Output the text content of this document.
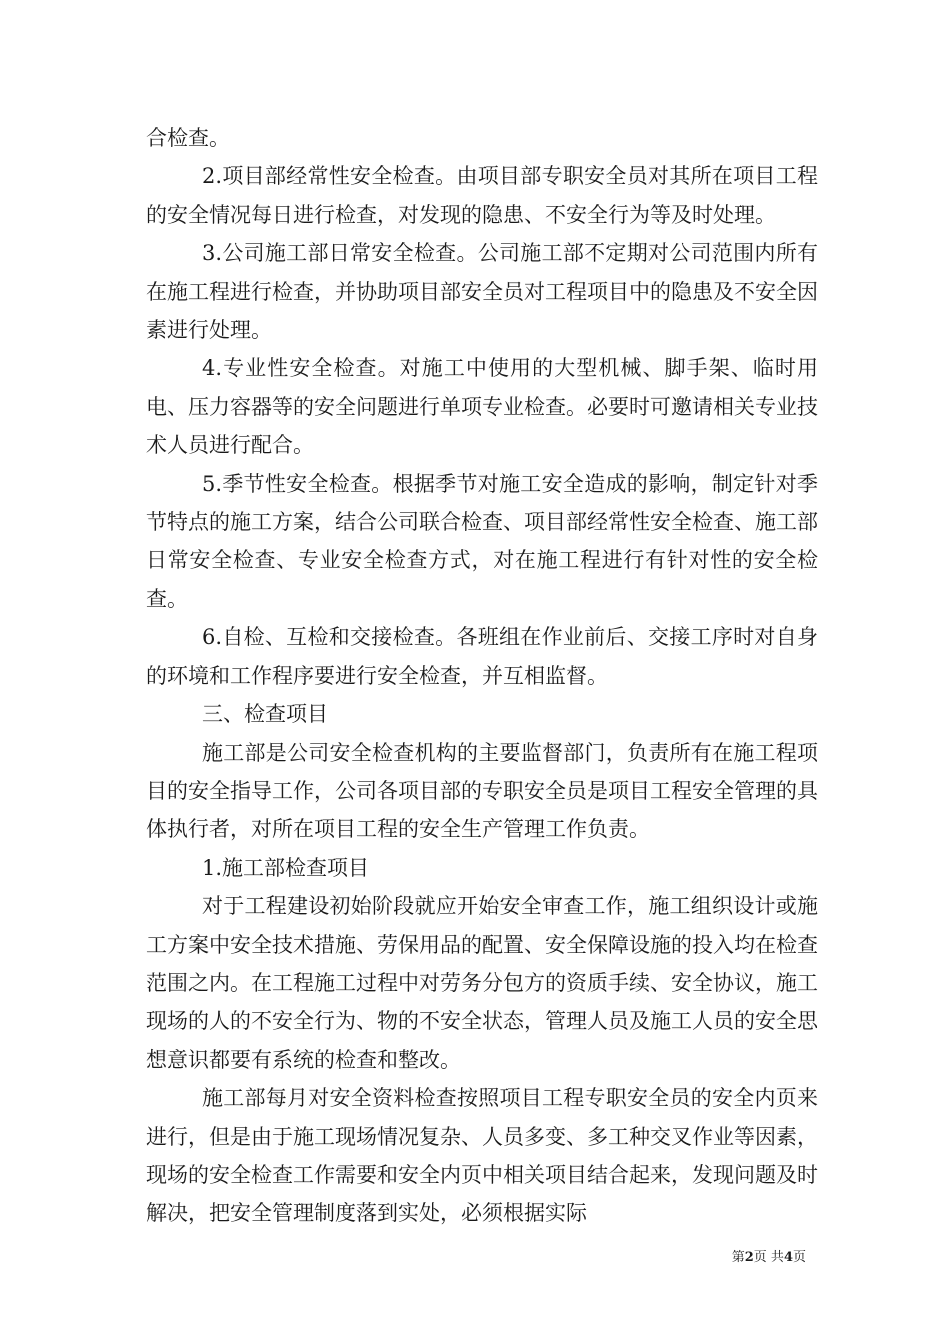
合检查。

2.项目部经常性安全检查。由项目部专职安全员对其所在项目工程的安全情况每日进行检查，对发现的隐患、不安全行为等及时处理。

3.公司施工部日常安全检查。公司施工部不定期对公司范围内所有在施工程进行检查，并协助项目部安全员对工程项目中的隐患及不安全因素进行处理。

4.专业性安全检查。对施工中使用的大型机械、脚手架、临时用电、压力容器等的安全问题进行单项专业检查。必要时可邀请相关专业技术人员进行配合。

5.季节性安全检查。根据季节对施工安全造成的影响，制定针对季节特点的施工方案，结合公司联合检查、项目部经常性安全检查、施工部日常安全检查、专业安全检查方式，对在施工程进行有针对性的安全检查。

6.自检、互检和交接检查。各班组在作业前后、交接工序时对自身的环境和工作程序要进行安全检查，并互相监督。

三、检查项目

施工部是公司安全检查机构的主要监督部门，负责所有在施工程项目的安全指导工作，公司各项目部的专职安全员是项目工程安全管理的具体执行者，对所在项目工程的安全生产管理工作负责。

1.施工部检查项目

对于工程建设初始阶段就应开始安全审查工作，施工组织设计或施工方案中安全技术措施、劳保用品的配置、安全保障设施的投入均在检查范围之内。在工程施工过程中对劳务分包方的资质手续、安全协议，施工现场的人的不安全行为、物的不安全状态，管理人员及施工人员的安全思想意识都要有系统的检查和整改。

施工部每月对安全资料检查按照项目工程专职安全员的安全内页来进行，但是由于施工现场情况复杂、人员多变、多工种交叉作业等因素，现场的安全检查工作需要和安全内页中相关项目结合起来，发现问题及时解决，把安全管理制度落到实处，必须根据实际

第2页 共4页
